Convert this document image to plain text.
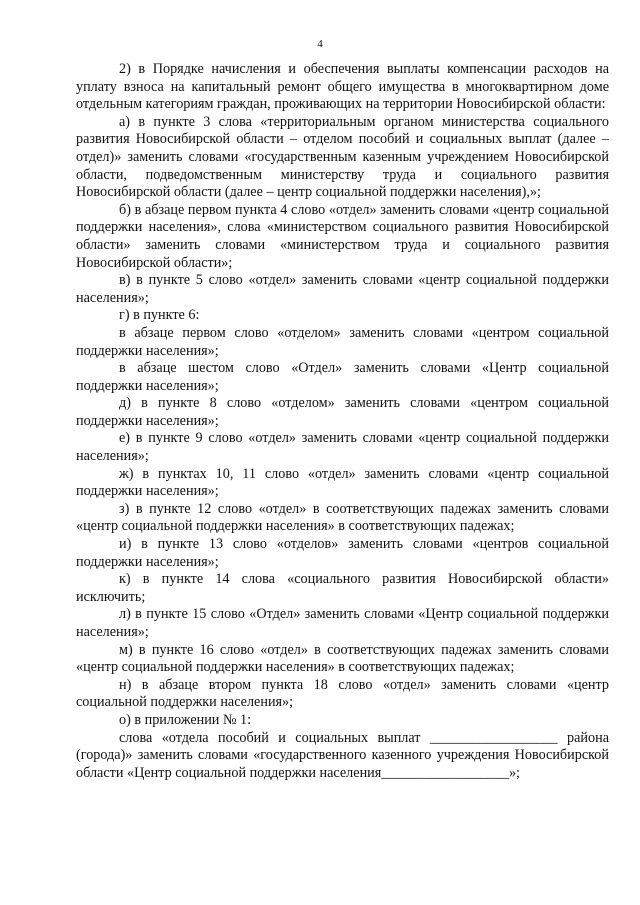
4

2) в Порядке начисления и обеспечения выплаты компенсации расходов на уплату взноса на капитальный ремонт общего имущества в многоквартирном доме отдельным категориям граждан, проживающих на территории Новосибирской области:

а) в пункте 3 слова «территориальным органом министерства социального развития Новосибирской области – отделом пособий и социальных выплат (далее – отдел)» заменить словами «государственным казенным учреждением Новосибирской области, подведомственным министерству труда и социального развития Новосибирской области (далее – центр социальной поддержки населения),»;

б) в абзаце первом пункта 4 слово «отдел» заменить словами «центр социальной поддержки населения», слова «министерством социального развития Новосибирской области» заменить словами «министерством труда и социального развития Новосибирской области»;

в) в пункте 5 слово «отдел» заменить словами «центр социальной поддержки населения»;

г) в пункте 6:

в абзаце первом слово «отделом» заменить словами «центром социальной поддержки населения»;

в абзаце шестом слово «Отдел» заменить словами «Центр социальной поддержки населения»;

д) в пункте 8 слово «отделом» заменить словами «центром социальной поддержки населения»;

е) в пункте 9 слово «отдел» заменить словами «центр социальной поддержки населения»;

ж) в пунктах 10, 11 слово «отдел» заменить словами «центр социальной поддержки населения»;

з) в пункте 12 слово «отдел» в соответствующих падежах заменить словами «центр социальной поддержки населения» в соответствующих падежах;

и) в пункте 13 слово «отделов» заменить словами «центров социальной поддержки населения»;

к) в пункте 14 слова «социального развития Новосибирской области» исключить;

л) в пункте 15 слово «Отдел» заменить словами «Центр социальной поддержки населения»;

м) в пункте 16 слово «отдел» в соответствующих падежах заменить словами «центр социальной поддержки населения» в соответствующих падежах;

н) в абзаце втором пункта 18 слово «отдел» заменить словами «центр социальной поддержки населения»;

о) в приложении № 1:

слова «отдела пособий и социальных выплат __________________ района (города)» заменить словами «государственного казенного учреждения Новосибирской области «Центр социальной поддержки населения__________________»;
